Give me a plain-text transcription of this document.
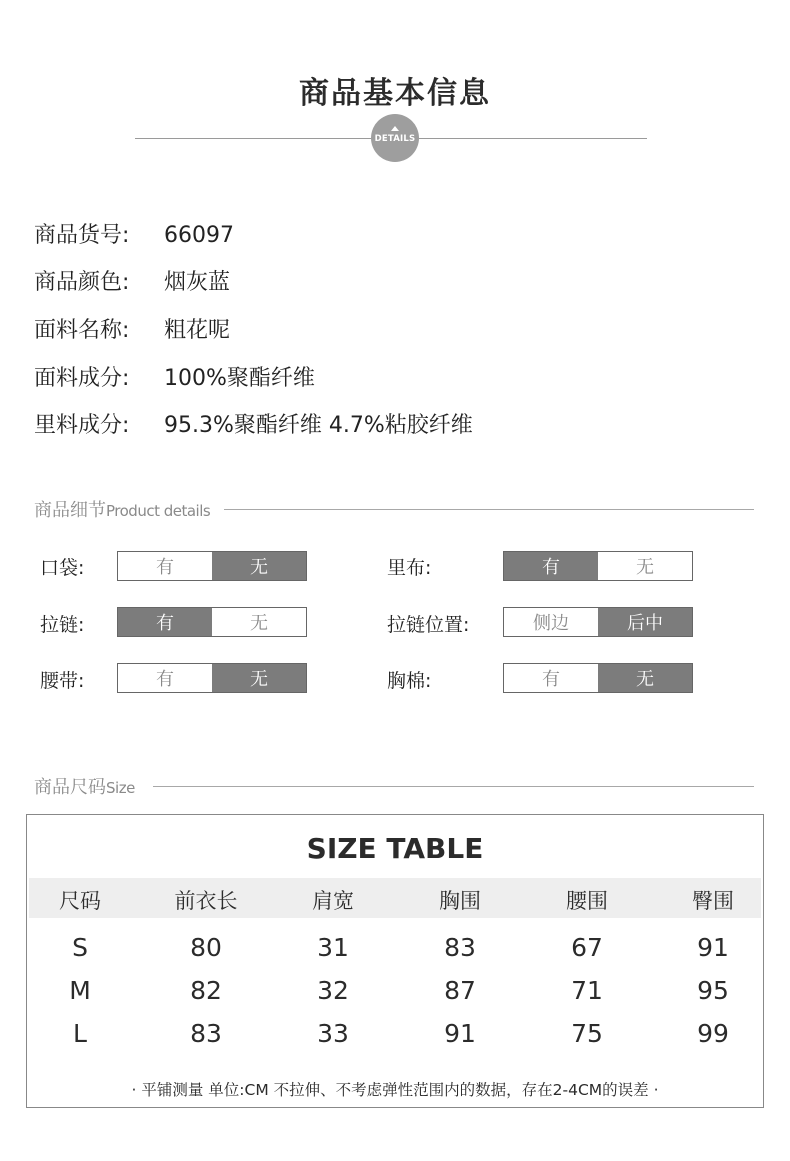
商品基本信息
DETAILS
商品货号: 66097
商品颜色: 烟灰蓝
面料名称: 粗花呢
面料成分: 100%聚酯纤维
里料成分: 95.3%聚酯纤维 4.7%粘胶纤维
商品细节Product details
口袋:	有	无	里布:	有	无
拉链:	有	无	拉链位置:	侧边	后中
腰带:	有	无	胸棉:	有	无
商品尺码Size
SIZE TABLE
尺码	前衣长	肩宽	胸围	腰围	臀围
S	80	31	83	67	91
M	82	32	87	71	95
L	83	33	91	75	99
· 平铺测量 单位:CM 不拉伸、不考虑弹性范围内的数据，存在2-4CM的误差 ·
